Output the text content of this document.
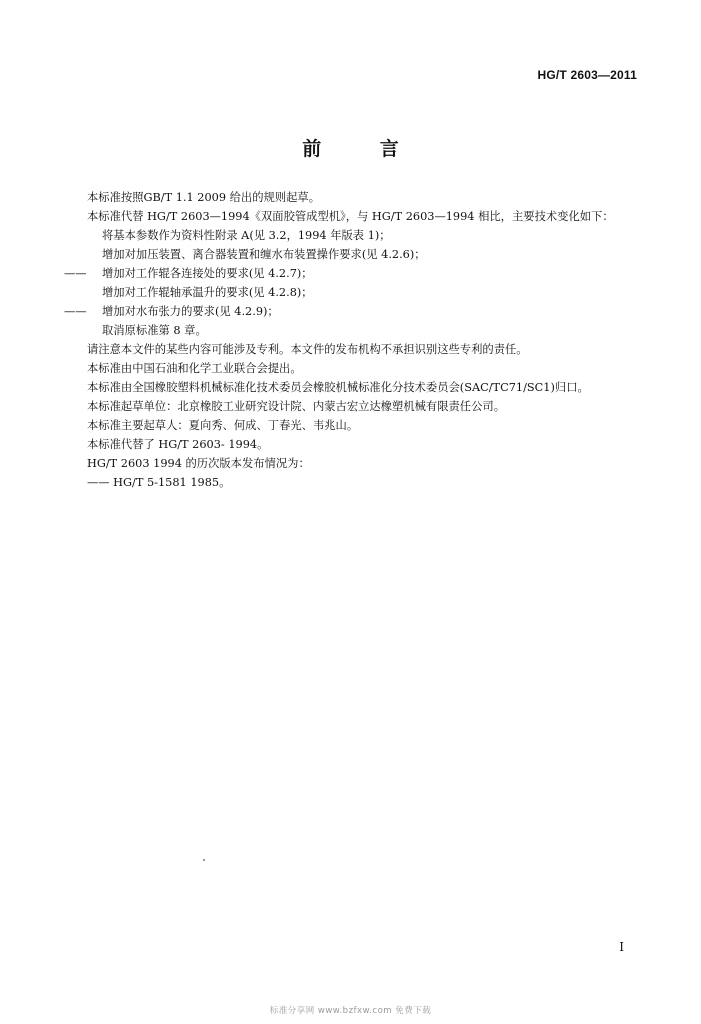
HG/T 2603—2011
前 言

本标准按照GB/T 1.1 2009 给出的规则起草。

本标准代替 HG/T 2603—1994《双面胶管成型机》，与 HG/T 2603—1994 相比，主要技术变化如下：

将基本参数作为资料性附录 A(见 3.2，1994 年版表 1)；

增加对加压装置、离合器装置和缠水布装置操作要求(见 4.2.6)；

—— 增加对工作辊各连接处的要求(见 4.2.7)；

增加对工作辊轴承温升的要求(见 4.2.8)；

—— 增加对水布张力的要求(见 4.2.9)；

取消原标准第 8 章。

请注意本文件的某些内容可能涉及专利。本文件的发布机构不承担识别这些专利的责任。

本标准由中国石油和化学工业联合会提出。

本标准由全国橡胶塑料机械标准化技术委员会橡胶机械标准化分技术委员会(SAC/TC71/SC1)归口。

本标准起草单位：北京橡胶工业研究设计院、内蒙古宏立达橡塑机械有限责任公司。

本标准主要起草人：夏向秀、何成、丁春光、韦兆山。

本标准代替了 HG/T 2603- 1994。

HG/T 2603 1994 的历次版本发布情况为：

—— HG/T 5-1581 1985。

I
标准分享网 www.bzfxw.com 免费下载
